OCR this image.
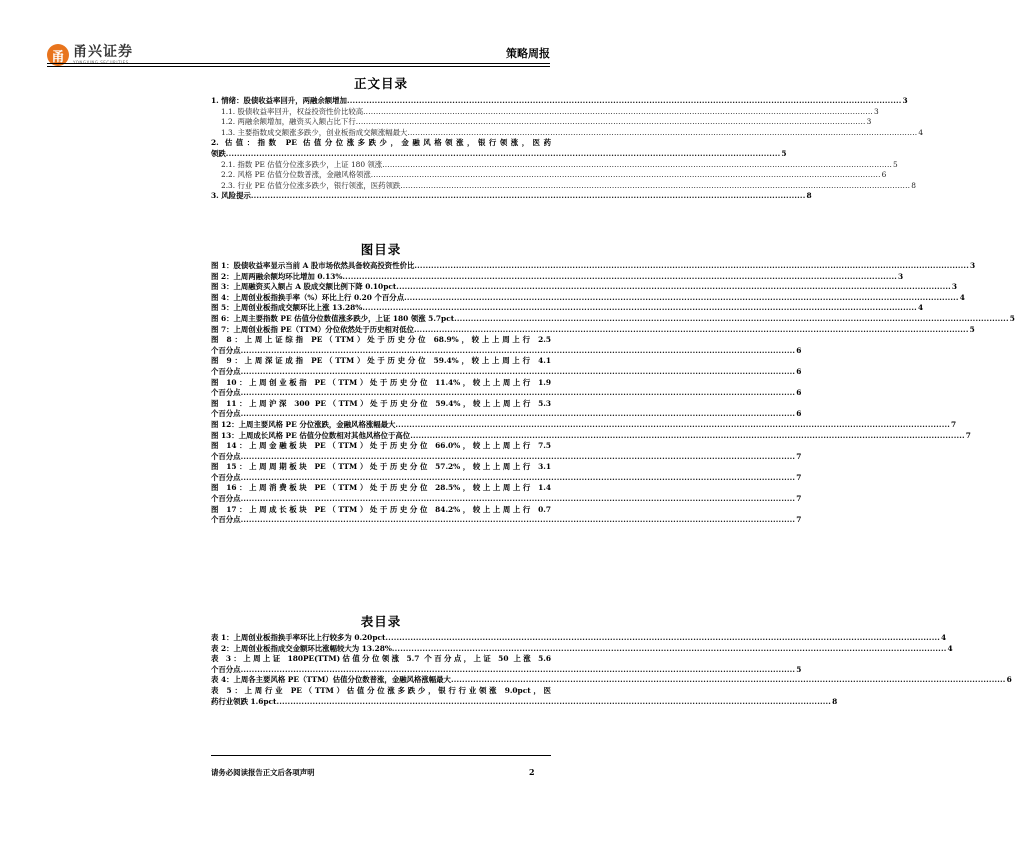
甬 甬兴证券
YONGXING SECURITIES
策略周报
正文目录
1. 情绪：股债收益率回升，两融余额增加 .....	3
1.1. 股债收益率回升，权益投资性价比较高 .....	3
1.2. 两融余额增加，融资买入额占比下行 .....	3
1.3. 主要指数成交额涨多跌少，创业板指成交额涨幅最大 .....	4
2. 估值：指数 PE 估值分位涨多跌少，金融风格领涨，银行领涨，医药
领跌 .....	5
2.1. 指数 PE 估值分位涨多跌少，上证 180 领涨 .....	5
2.2. 风格 PE 估值分位数普涨，金融风格领涨 .....	6
2.3. 行业 PE 估值分位涨多跌少，银行领涨，医药领跌 .....	8
3. 风险提示 .....	8
图目录
图 1：股债收益率显示当前 A 股市场依然具备较高投资性价比 .....	3
图 2：上周两融余额均环比增加 0.13% .....	3
图 3：上周融资买入额占 A 股成交额比例下降 0.10pct .....	3
图 4：上周创业板指换手率（%）环比上行 0.20 个百分点 .....	4
图 5：上周创业板指成交额环比上涨 13.28% .....	4
图 6：上周主要指数 PE 估值分位数值涨多跌少，上证 180 领涨 5.7pct .....	5
图 7：上周创业板指 PE（TTM）分位依然处于历史相对低位 .....	5
图 8：上周上证综指 PE（TTM）处于历史分位 68.9%，较上上周上行 2.5
个百分点 .....	6
图 9：上周深证成指 PE（TTM）处于历史分位 59.4%，较上上周上行 4.1
个百分点 .....	6
图 10：上周创业板指 PE（TTM）处于历史分位 11.4%，较上上周上行 1.9
个百分点 .....	6
图 11：上周沪深 300 PE（TTM）处于历史分位 59.4%，较上上周上行 5.3
个百分点 .....	6
图 12：上周主要风格 PE 分位涨跌，金融风格涨幅最大 .....	7
图 13：上周成长风格 PE 估值分位数相对其他风格位于高位 .....	7
图 14：上周金融板块 PE（TTM）处于历史分位 66.0%，较上上周上行 7.5
个百分点 .....	7
图 15：上周周期板块 PE（TTM）处于历史分位 57.2%，较上上周上行 3.1
个百分点 .....	7
图 16：上周消费板块 PE（TTM）处于历史分位 28.5%，较上上周上行 1.4
个百分点 .....	7
图 17：上周成长板块 PE（TTM）处于历史分位 84.2%，较上上周上行 0.7
个百分点 .....	7
表目录
表 1：上周创业板指换手率环比上行较多为 0.20pct .....	4
表 2：上周创业板指成交金额环比涨幅较大为 13.28% .....	4
表 3：上周上证 180PE(TTM)估值分位领涨 5.7 个百分点，上证 50 上涨 5.6
个百分点 .....	5
表 4：上周各主要风格 PE（TTM）估值分位数普涨，金融风格涨幅最大 .....	6
表 5：上周行业 PE（TTM）估值分位涨多跌少，银行行业领涨 9.0pct，医
药行业领跌 1.6pct .....	8
请务必阅读报告正文后各项声明	2
